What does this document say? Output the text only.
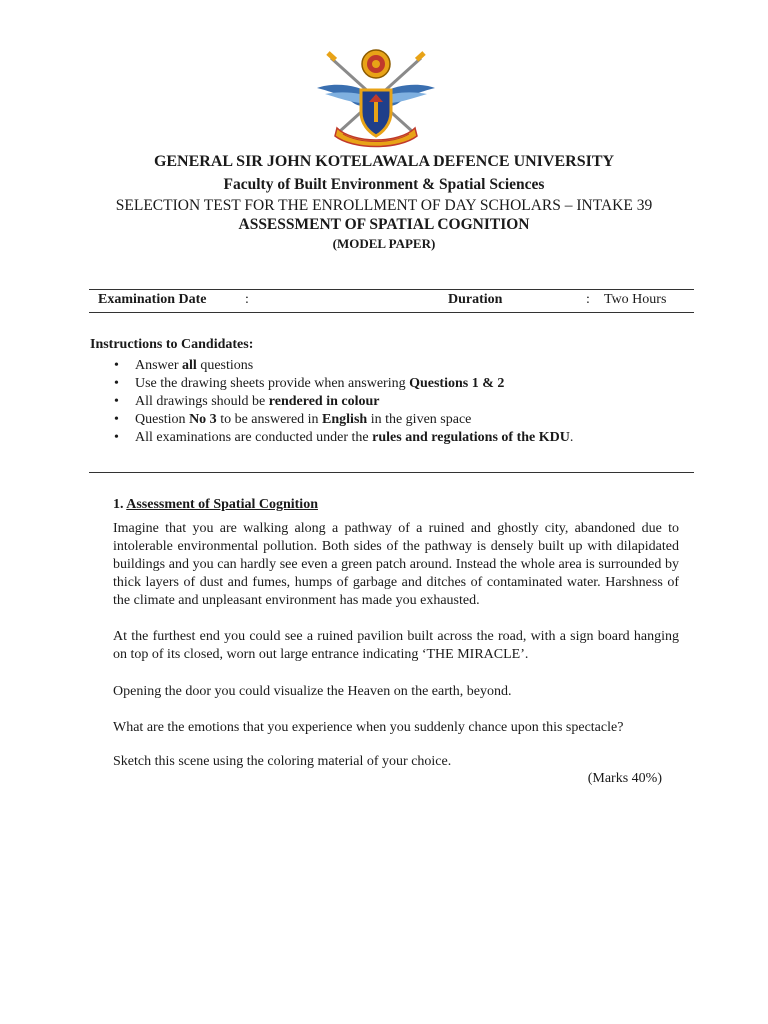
GENERAL SIR JOHN KOTELAWALA DEFENCE UNIVERSITY
Faculty of Built Environment & Spatial Sciences
SELECTION TEST FOR THE ENROLLMENT OF DAY SCHOLARS – INTAKE 39
ASSESSMENT OF SPATIAL COGNITION
(MODEL PAPER)
Examination Date	:	Duration	: Two Hours
Instructions to Candidates:
• Answer all questions
• Use the drawing sheets provide when answering Questions 1 & 2
• All drawings should be rendered in colour
• Question No 3 to be answered in English in the given space
• All examinations are conducted under the rules and regulations of the KDU.
1. Assessment of Spatial Cognition

Imagine that you are walking along a pathway of a ruined and ghostly city, abandoned due to intolerable environmental pollution. Both sides of the pathway is densely built up with dilapidated buildings and you can hardly see even a green patch around. Instead the whole area is surrounded by thick layers of dust and fumes, humps of garbage and ditches of contaminated water. Harshness of the climate and unpleasant environment has made you exhausted.

At the furthest end you could see a ruined pavilion built across the road, with a sign board hanging on top of its closed, worn out large entrance indicating ‘THE MIRACLE’.

Opening the door you could visualize the Heaven on the earth, beyond.

What are the emotions that you experience when you suddenly chance upon this spectacle?

Sketch this scene using the coloring material of your choice.

(Marks 40%)
